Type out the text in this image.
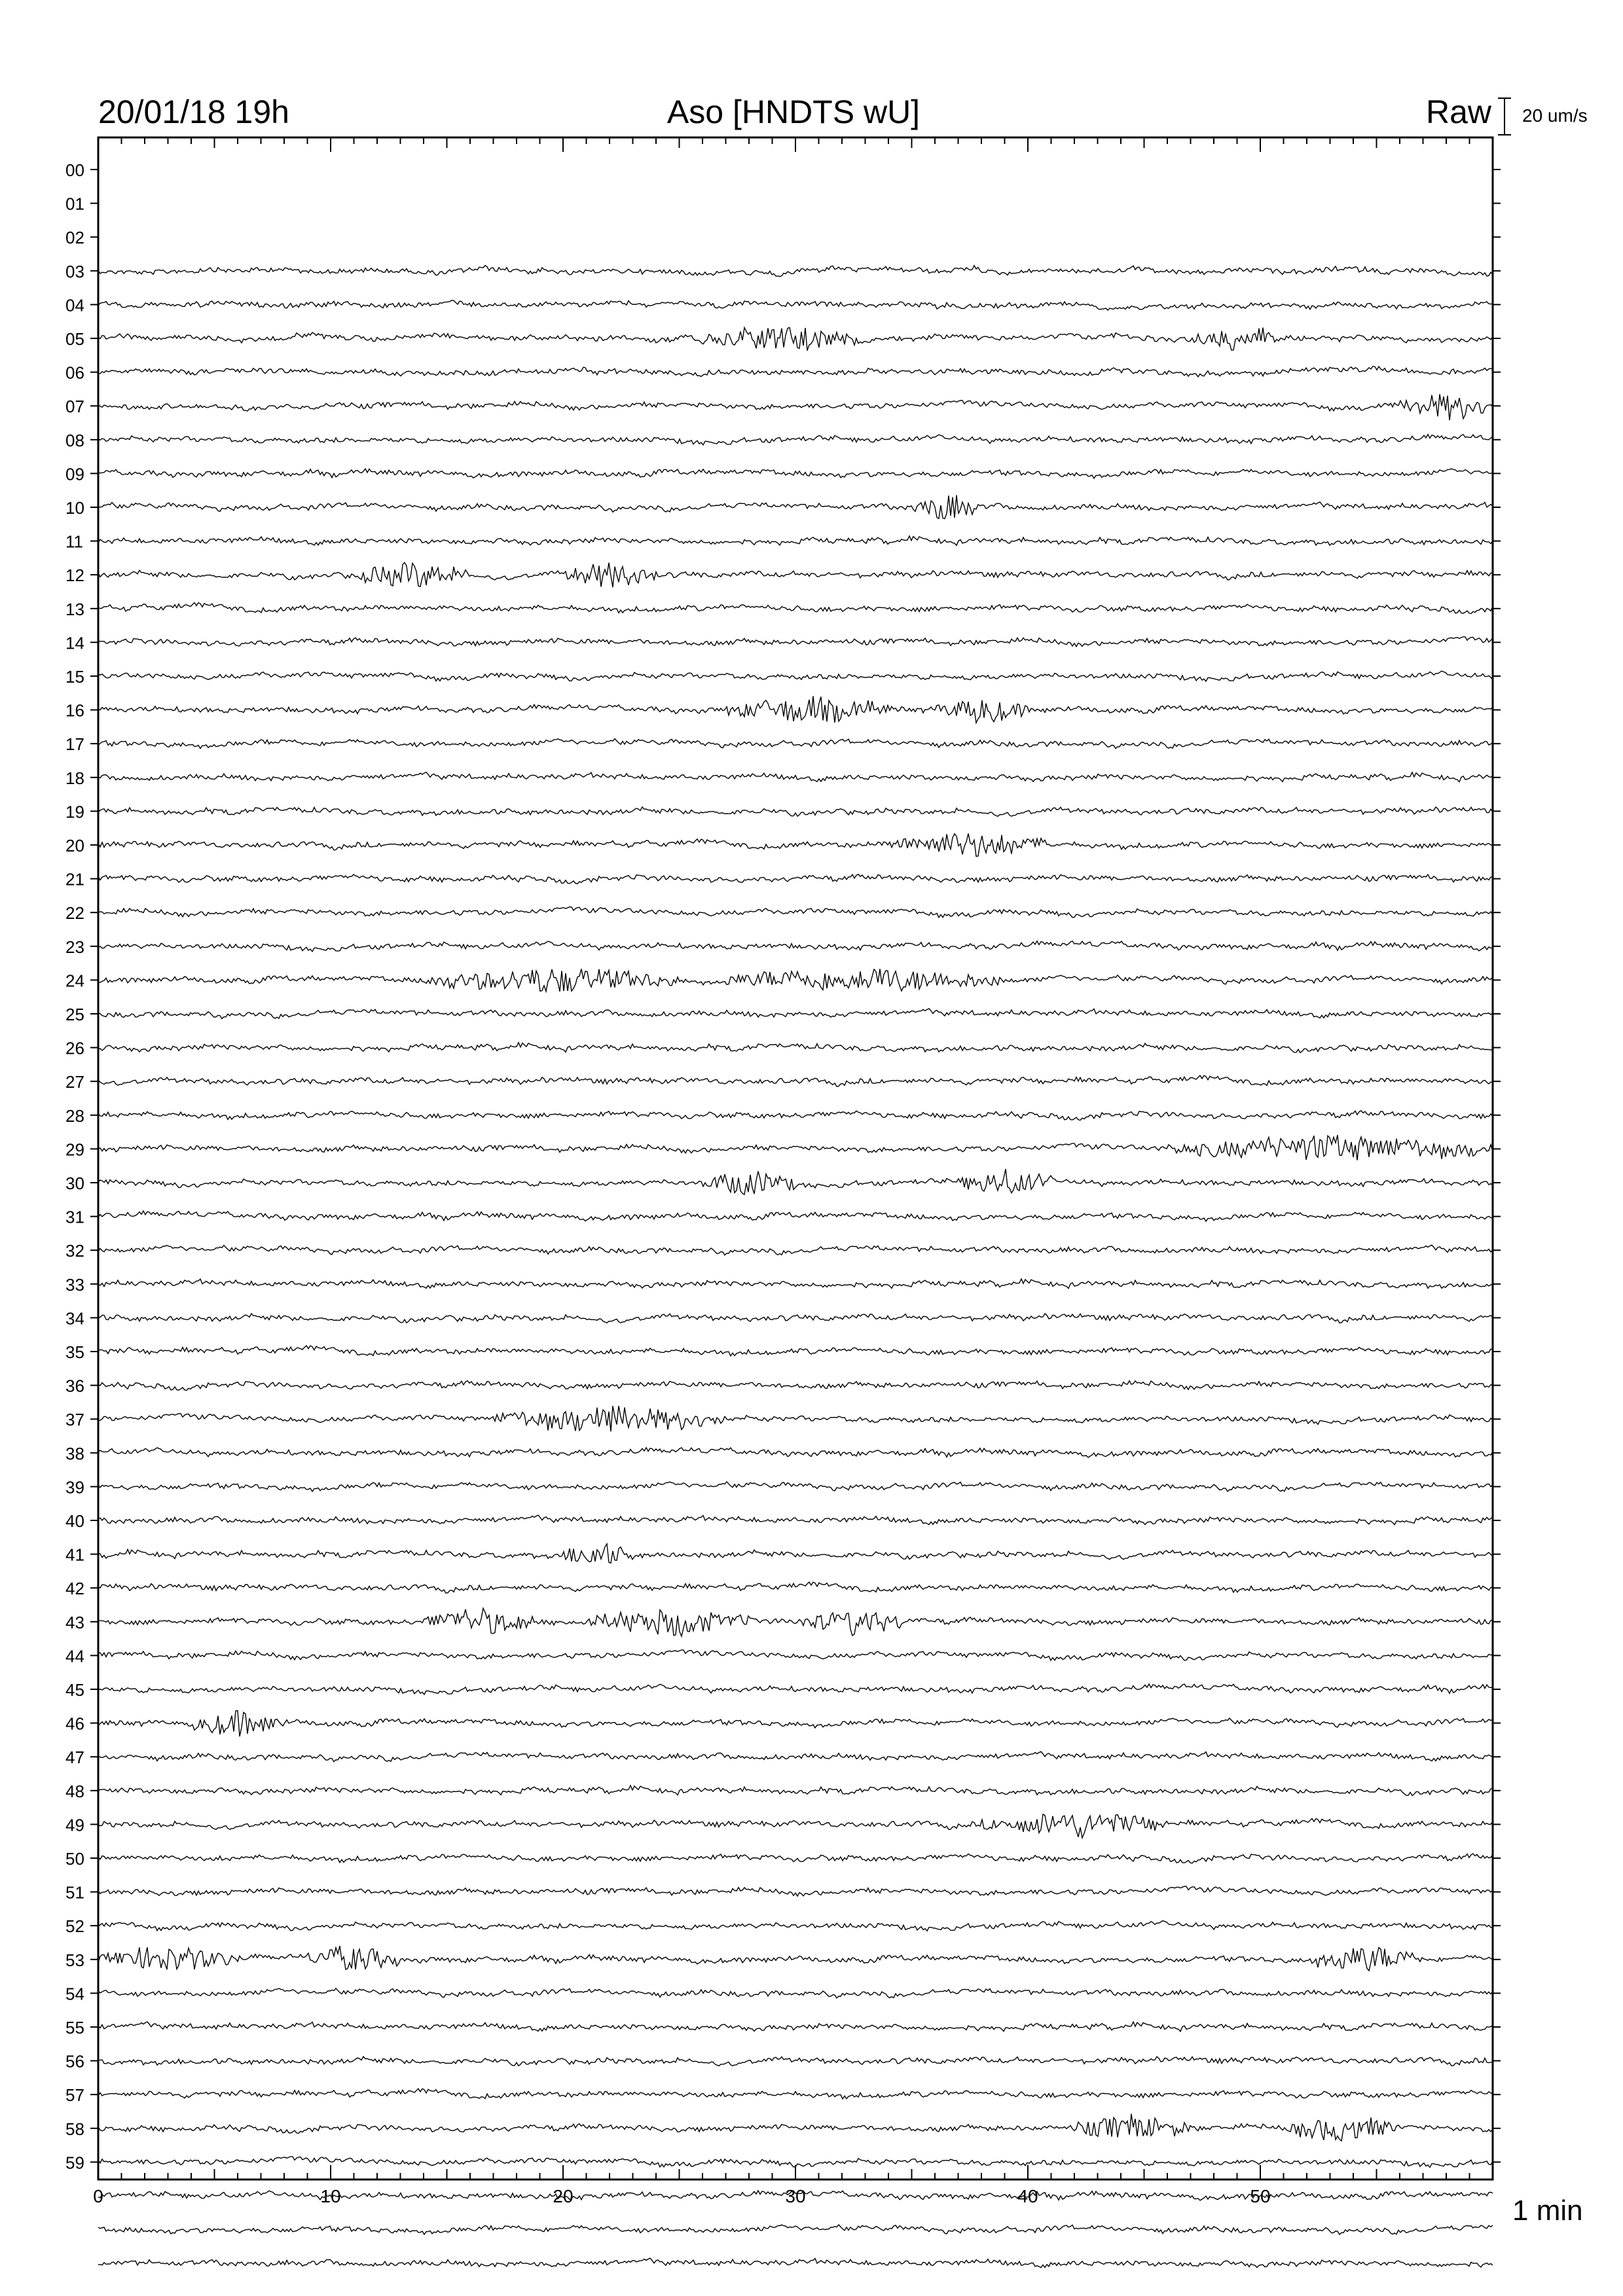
20/01/18 19h	Aso [HNDTS wU]	Raw 20 um/s
00
01
02
03
04
05
06
07
08
09
10
11
12
13
14
15
16
17
18
19
20
21
22
23
24
25
26
27
28
29
30
31
32
33
34
35
36
37
38
39
40
41
42
43
44
45
46
47
48
49
50
51
52
53
54
55
56
57
58
59
0	10	20	30	40	50	1 min
